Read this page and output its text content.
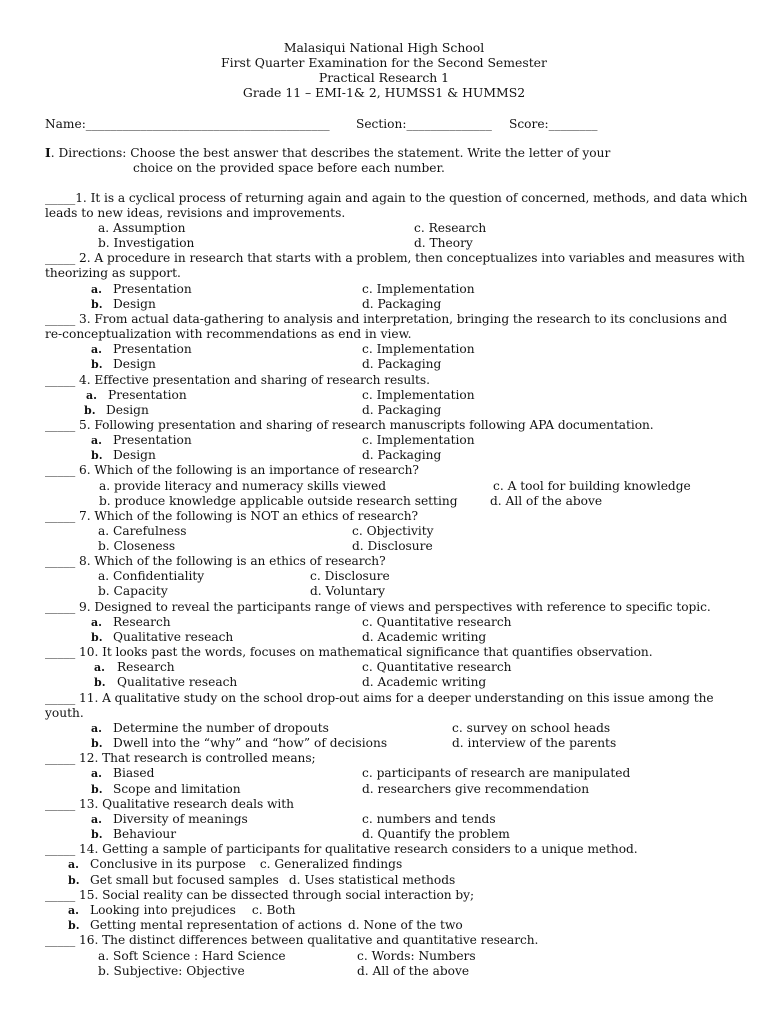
Malasiqui National High School
First Quarter Examination for the Second Semester
Practical Research 1
Grade 11 – EMI-1& 2, HUMSS1 & HUMMS2
Name:________________________________________ Section:______________ Score:________
I. Directions: Choose the best answer that describes the statement. Write the letter of your
choice on the provided space before each number.
_____1. It is a cyclical process of returning again and again to the question of concerned, methods, and data which
leads to new ideas, revisions and improvements.
a. Assumption	c. Research
b. Investigation	d. Theory
_____ 2. A procedure in research that starts with a problem, then conceptualizes into variables and measures with
theorizing as support.
a. Presentation	c. Implementation
b. Design	d. Packaging
_____ 3. From actual data-gathering to analysis and interpretation, bringing the research to its conclusions and
re-conceptualization with recommendations as end in view.
a. Presentation	c. Implementation
b. Design	d. Packaging
_____ 4. Effective presentation and sharing of research results.
a. Presentation	c. Implementation
b. Design	d. Packaging
_____ 5. Following presentation and sharing of research manuscripts following APA documentation.
a. Presentation	c. Implementation
b. Design	d. Packaging
_____ 6. Which of the following is an importance of research?
a. provide literacy and numeracy skills viewed	c. A tool for building knowledge
b. produce knowledge applicable outside research setting	d. All of the above
_____ 7. Which of the following is NOT an ethics of research?
a. Carefulness	c. Objectivity
b. Closeness	d. Disclosure
_____ 8. Which of the following is an ethics of research?
a. Confidentiality	c. Disclosure
b. Capacity	d. Voluntary
_____ 9. Designed to reveal the participants range of views and perspectives with reference to specific topic.
a. Research	c. Quantitative research
b. Qualitative reseach	d. Academic writing
_____ 10. It looks past the words, focuses on mathematical significance that quantifies observation.
a. Research	c. Quantitative research
b. Qualitative reseach	d. Academic writing
_____ 11. A qualitative study on the school drop-out aims for a deeper understanding on this issue among the
youth.
a. Determine the number of dropouts	c. survey on school heads
b. Dwell into the “why” and “how” of decisions	d. interview of the parents
_____ 12. That research is controlled means;
a. Biased	c. participants of research are manipulated
b. Scope and limitation	d. researchers give recommendation
_____ 13. Qualitative research deals with
a. Diversity of meanings	c. numbers and tends
b. Behaviour	d. Quantify the problem
_____ 14. Getting a sample of participants for qualitative research considers to a unique method.
a. Conclusive in its purpose c. Generalized findings
b. Get small but focused samples d. Uses statistical methods
_____ 15. Social reality can be dissected through social interaction by;
a. Looking into prejudices c. Both
b. Getting mental representation of actions d. None of the two
_____ 16. The distinct differences between qualitative and quantitative research.
a. Soft Science : Hard Science	c. Words: Numbers
b. Subjective: Objective	d. All of the above
